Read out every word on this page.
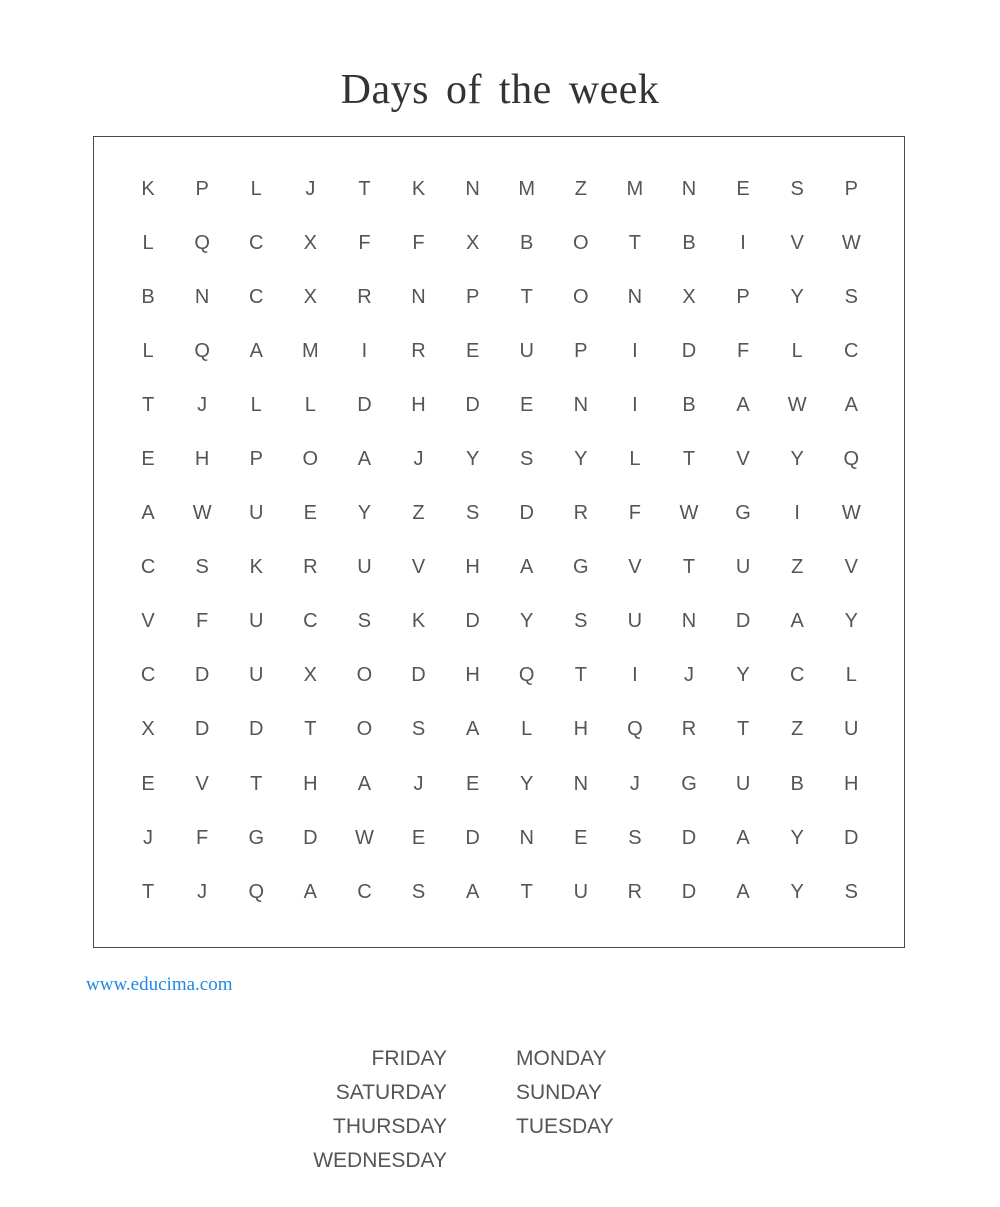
Days of the week
K	P	L	J	T	K	N	M	Z	M	N	E	S	P
L	Q	C	X	F	F	X	B	O	T	B	I	V	W
B	N	C	X	R	N	P	T	O	N	X	P	Y	S
L	Q	A	M	I	R	E	U	P	I	D	F	L	C
T	J	L	L	D	H	D	E	N	I	B	A	W	A
E	H	P	O	A	J	Y	S	Y	L	T	V	Y	Q
A	W	U	E	Y	Z	S	D	R	F	W	G	I	W
C	S	K	R	U	V	H	A	G	V	T	U	Z	V
V	F	U	C	S	K	D	Y	S	U	N	D	A	Y
C	D	U	X	O	D	H	Q	T	I	J	Y	C	L
X	D	D	T	O	S	A	L	H	Q	R	T	Z	U
E	V	T	H	A	J	E	Y	N	J	G	U	B	H
J	F	G	D	W	E	D	N	E	S	D	A	Y	D
T	J	Q	A	C	S	A	T	U	R	D	A	Y	S
www.educima.com
FRIDAY
SATURDAY
THURSDAY
WEDNESDAY
MONDAY
SUNDAY
TUESDAY
